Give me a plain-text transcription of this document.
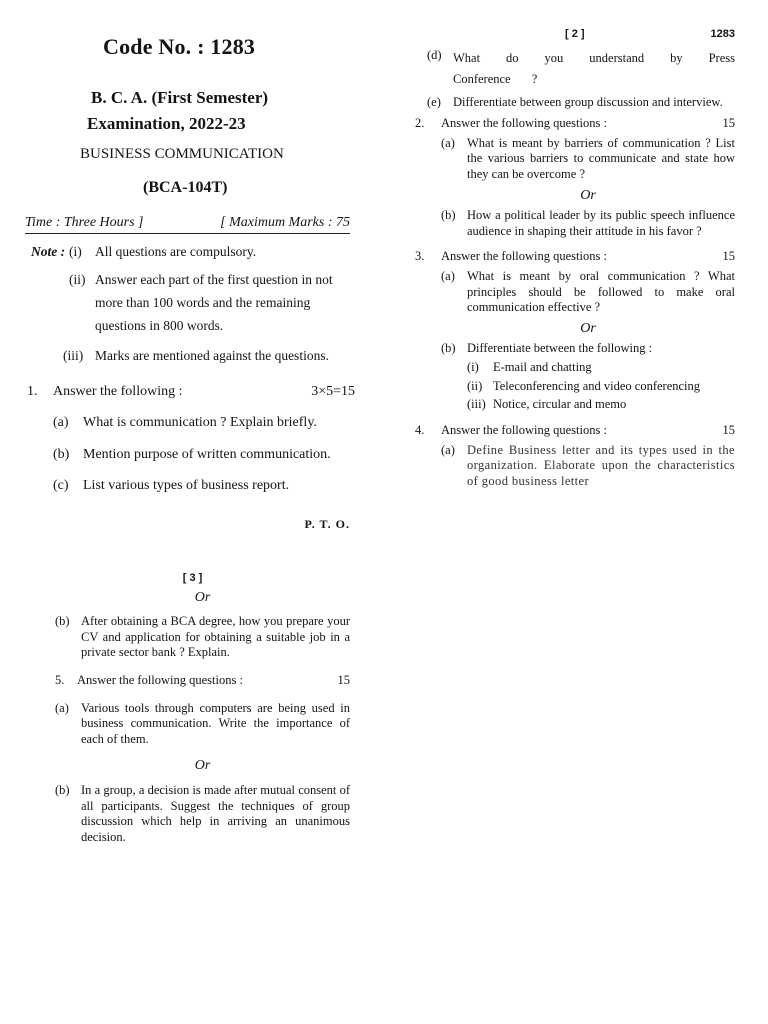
Code No. : 1283
B. C. A. (First Semester)
Examination, 2022-23
BUSINESS COMMUNICATION
(BCA-104T)
Time : Three Hours ]	[ Maximum Marks : 75
Note : (i) All questions are compulsory.
(ii) Answer each part of the first question in not more than 100 words and the remaining questions in 800 words.
(iii) Marks are mentioned against the questions.
1.	Answer the following :	3×5=15
(a)	What is communication ? Explain briefly.
(b) Mention purpose of written communication.
(c)	List various types of business report.
P. T. O.
[ 2 ]	1283
(d) What do you understand by Press Conference ?
(e) Differentiate between group discussion and interview.
2.	Answer the following questions :	15
(a) What is meant by barriers of communication ? List the various barriers to communicate and state how they can be overcome ?
Or
(b) How a political leader by its public speech influence audience in shaping their attitude in his favor ?
3.	Answer the following questions :	15
(a) What is meant by oral communication ? What principles should be followed to make oral communication effective ?
Or
(b) Differentiate between the following :
(i)	E-mail and chatting
(ii) Teleconferencing and video conferencing
(iii) Notice, circular and memo
4.	Answer the following questions :	15
(a) Define Business letter and its types used in the organization. Elaborate upon the characteristics of good business letter
[ 3 ]
Or
(b) After obtaining a BCA degree, how you prepare your CV and application for obtaining a suitable job in a private sector bank ? Explain.
5.	Answer the following questions :	15
(a) Various tools through computers are being used in business communication. Write the importance of each of them.
Or
(b) In a group, a decision is made after mutual consent of all participants. Suggest the techniques of group discussion which help in arriving an unanimous decision.
